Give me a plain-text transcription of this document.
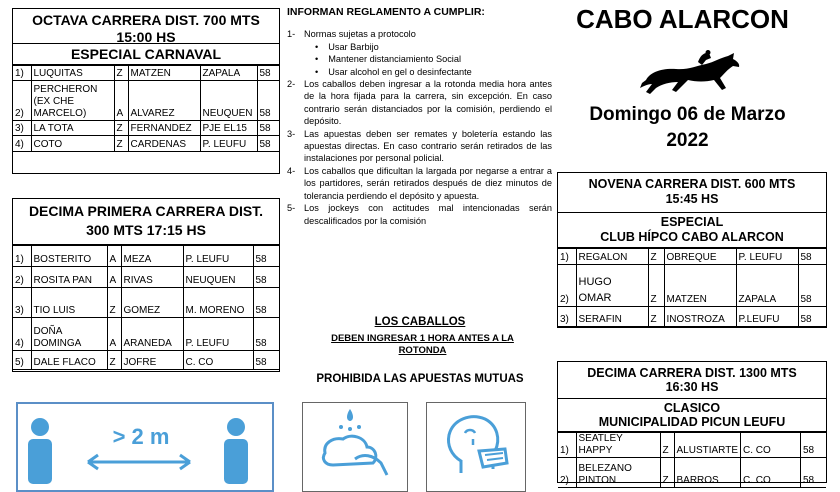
OCTAVA CARRERA DIST. 700 MTS
15:00 HS
ESPECIAL CARNAVAL
1)	LUQUITAS	Z	MATZEN	ZAPALA	58
2)	PERCHERON (EX CHE MARCELO)	A	ALVAREZ	NEUQUEN	58
3)	LA TOTA	Z	FERNANDEZ	PJE EL15	58
4)	COTO	Z	CARDENAS	P. LEUFU	58
DECIMA PRIMERA CARRERA DIST.
300 MTS 17:15 HS
1)	BOSTERITO	A	MEZA	P. LEUFU	58
2)	ROSITA PAN	A	RIVAS	NEUQUEN	58
3)	TIO LUIS	Z	GOMEZ	M. MORENO	58
4)	DOÑA DOMINGA	A	ARANEDA	P. LEUFU	58
5)	DALE FLACO	Z	JOFRE	C. CO	58
INFORMAN REGLAMENTO A CUMPLIR:
1- Normas sujetas a protocolo
• Usar Barbijo
• Mantener distanciamiento Social
• Usar alcohol en gel o desinfectante
2- Los caballos deben ingresar a la rotonda media hora antes de la hora fijada para la carrera, sin excepción. En caso contrario serán distanciados por la comisión, perdiendo el depósito.
3- Las apuestas deben ser remates y boletería estando las apuestas directas. En caso contrario serán retirados de las instalaciones por personal policial.
4- Los caballos que dificultan la largada por negarse a entrar a los partidores, serán retirados después de diez minutos de tolerancia perdiendo el depósito y apuesta.
5- Los jockeys con actitudes mal intencionadas serán descalificados por la comisión
LOS CABALLOS
DEBEN INGRESAR 1 HORA ANTES A LA ROTONDA
PROHIBIDA LAS APUESTAS MUTUAS
CABO ALARCON
Domingo 06 de Marzo
2022
NOVENA CARRERA DIST. 600 MTS
15:45 HS
ESPECIAL
CLUB HÍPCO CABO ALARCON
1)	REGALON	Z	OBREQUE	P. LEUFU	58
2)	HUGO OMAR	Z	MATZEN	ZAPALA	58
3)	SERAFIN	Z	INOSTROZA	P.LEUFU	58
DECIMA CARRERA DIST. 1300 MTS
16:30 HS
CLASICO
MUNICIPALIDAD PICUN LEUFU
1)	SEATLEY HAPPY	Z	ALUSTIARTE	C. CO	58
2)	BELEZANO PINTON	Z	BARROS	C. CO	58
> 2 m
